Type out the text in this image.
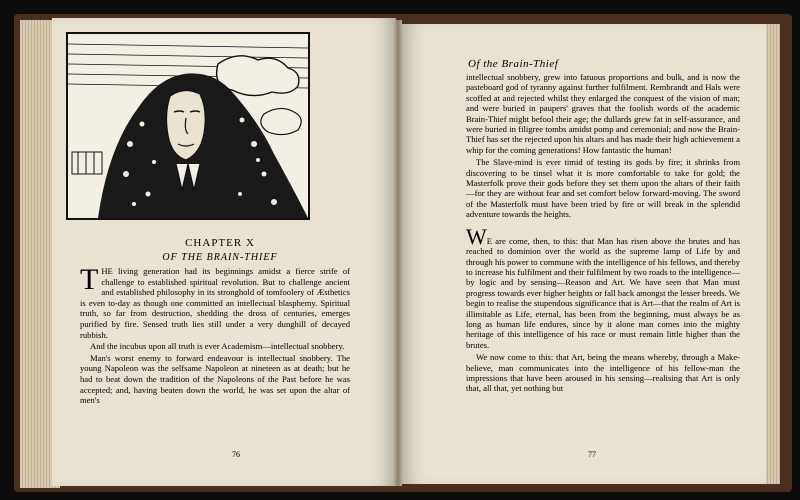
CHAPTER X
OF THE BRAIN-THIEF

THE living generation had its beginnings amidst a fierce strife of challenge to established spiritual revolution. But to challenge ancient and established philosophy in its stronghold of tomfoolery of Æsthetics is even to-day as though one committed an intellectual blasphemy. Spiritual truth, so far from destruction, shedding the dross of centuries, emerges purified by fire. Sensed truth lies still under a very dunghill of decayed rubbish.

And the incubus upon all truth is ever Academism—intellectual snobbery.

Man's worst enemy to forward endeavour is intellectual snobbery. The young Napoleon was the selfsame Napoleon at nineteen as at death; but he had to beat down the tradition of the Napoleons of the Past before he was accepted; and, having beaten down the world, he was set upon the altar of men's

76
Of the Brain-Thief

intellectual snobbery, grew into fatuous proportions and bulk, and is now the pasteboard god of tyranny against further fulfilment. Rembrandt and Hals were scoffed at and rejected whilst they enlarged the conquest of the vision of man; and were buried in paupers' graves that the foolish words of the academic Brain-Thief might befool their age; the dullards grew fat in self-assurance, and were buried in filigree tombs amidst pomp and ceremonial; and now the Brain-Thief has set the rejected upon his altars and has made their high achievement a whip for the coming generations! How fantastic the human!

The Slave-mind is ever timid of testing its gods by fire; it shrinks from discovering to be tinsel what it is more comfortable to take for gold; the Masterfolk prove their gods before they set them upon the altars of their faith—for they are without fear and set comfort below forward-moving. The sword of the Masterfolk must have been tried by fire or will break in the splendid adventure towards the heights.

WE are come, then, to this: that Man has risen above the brutes and has reached to dominion over the world as the supreme lamp of Life by and through his power to commune with the intelligence of his fellows, and thereby to increase his fulfilment and their fulfilment by two roads to the intelligence—by logic and by sensing—Reason and Art. We have seen that Man must progress towards ever higher heights or fall back amongst the lesser breeds. We begin to realise the stupendous significance that is Art—that the realm of Art is illimitable as Life, eternal, has been from the beginning, must always be as long as human life endures, since by it alone man comes into the mighty heritage of this intelligence of his race or must remain little higher than the brutes.

We now come to this: that Art, being the means whereby, through a Make-believe, man communicates into the intelligence of his fellow-man the impressions that have been aroused in his sensing—realising that Art is only that, all that, yet nothing but

77
